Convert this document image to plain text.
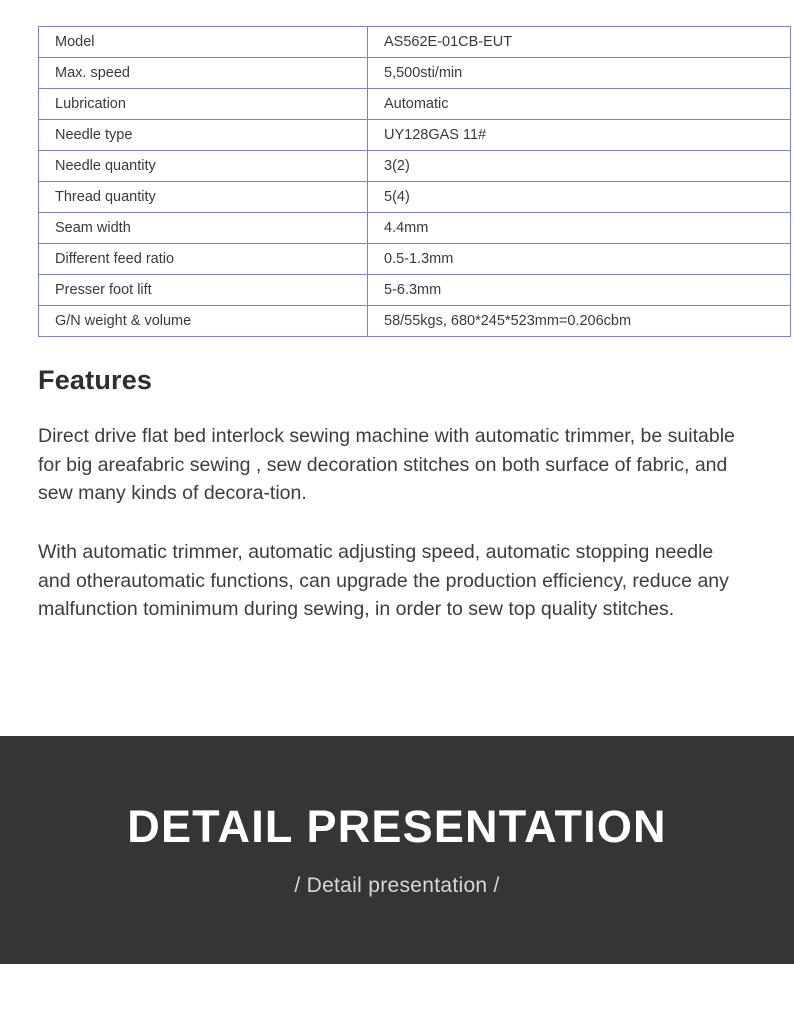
Model	AS562E-01CB-EUT
Max. speed	5,500sti/min
Lubrication	Automatic
Needle type	UY128GAS 11#
Needle quantity	3(2)
Thread quantity	5(4)
Seam width	4.4mm
Different feed ratio	0.5-1.3mm
Presser foot lift	5-6.3mm
G/N weight & volume	58/55kgs, 680*245*523mm=0.206cbm
Features

Direct drive flat bed interlock sewing machine with automatic trimmer, be suitable for big areafabric sewing , sew decoration stitches on both surface of fabric, and sew many kinds of decora-tion.

With automatic trimmer, automatic adjusting speed, automatic stopping needle and otherautomatic functions, can upgrade the production efficiency, reduce any malfunction tominimum during sewing, in order to sew top quality stitches.

DETAIL PRESENTATION
/ Detail presentation /
